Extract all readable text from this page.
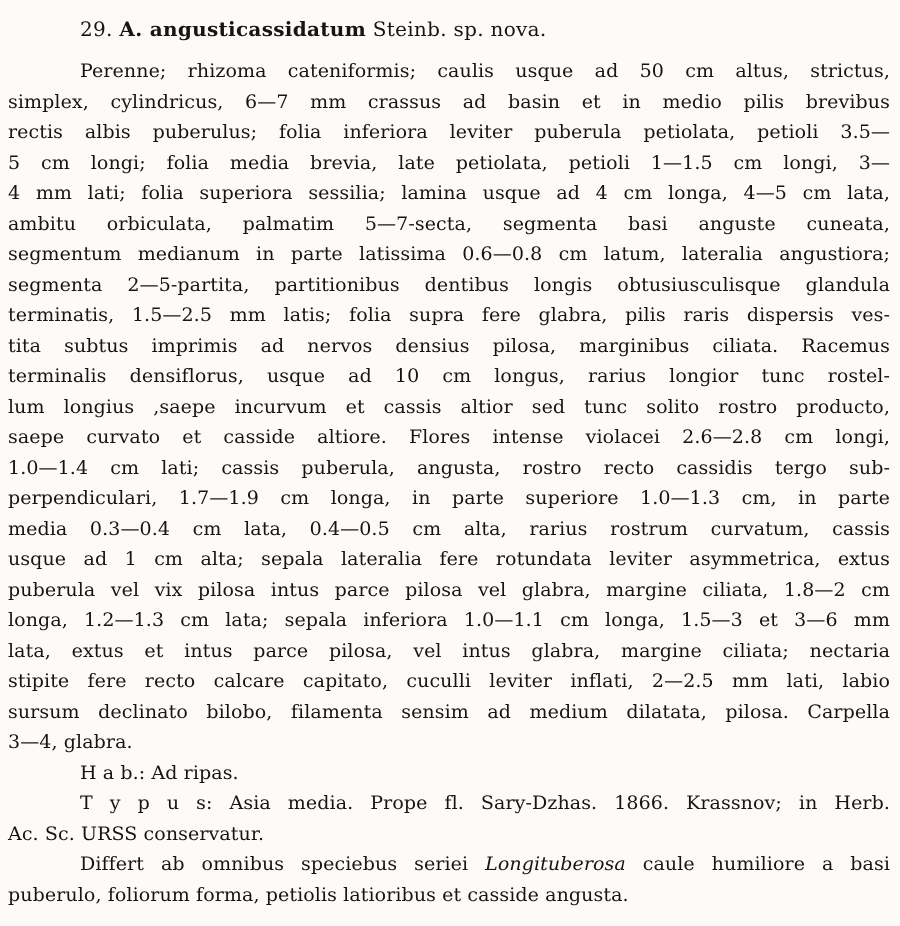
29. A. angusticassidatum Steinb. sp. nova.
Perenne; rhizoma cateniformis; caulis usque ad 50 cm altus, strictus,
simplex, cylindricus, 6—7 mm crassus ad basin et in medio pilis brevibus
rectis albis puberulus; folia inferiora leviter puberula petiolata, petioli 3.5—
5 cm longi; folia media brevia, late petiolata, petioli 1—1.5 cm longi, 3—
4 mm lati; folia superiora sessilia; lamina usque ad 4 cm longa, 4—5 cm lata,
ambitu orbiculata, palmatim 5—7-secta, segmenta basi anguste cuneata,
segmentum medianum in parte latissima 0.6—0.8 cm latum, lateralia angustiora;
segmenta 2—5-partita, partitionibus dentibus longis obtusiusculisque glandula
terminatis, 1.5—2.5 mm latis; folia supra fere glabra, pilis raris dispersis ves-
tita subtus imprimis ad nervos densius pilosa, marginibus ciliata. Racemus
terminalis densiflorus, usque ad 10 cm longus, rarius longior tunc rostel-
lum longius ,saepe incurvum et cassis altior sed tunc solito rostro producto,
saepe curvato et casside altiore. Flores intense violacei 2.6—2.8 cm longi,
1.0—1.4 cm lati; cassis puberula, angusta, rostro recto cassidis tergo sub-
perpendiculari, 1.7—1.9 cm longa, in parte superiore 1.0—1.3 cm, in parte
media 0.3—0.4 cm lata, 0.4—0.5 cm alta, rarius rostrum curvatum, cassis
usque ad 1 cm alta; sepala lateralia fere rotundata leviter asymmetrica, extus
puberula vel vix pilosa intus parce pilosa vel glabra, margine ciliata, 1.8—2 cm
longa, 1.2—1.3 cm lata; sepala inferiora 1.0—1.1 cm longa, 1.5—3 et 3—6 mm
lata, extus et intus parce pilosa, vel intus glabra, margine ciliata; nectaria
stipite fere recto calcare capitato, cuculli leviter inflati, 2—2.5 mm lati, labio
sursum declinato bilobo, filamenta sensim ad medium dilatata, pilosa. Carpella
3—4, glabra.
H a b.: Ad ripas.
T y p u s: Asia media. Prope fl. Sary-Dzhas. 1866. Krassnov; in Herb.
Ac. Sc. URSS conservatur.
Differt ab omnibus speciebus seriei Longituberosa caule humiliore a basi
puberulo, foliorum forma, petiolis latioribus et casside angusta.
